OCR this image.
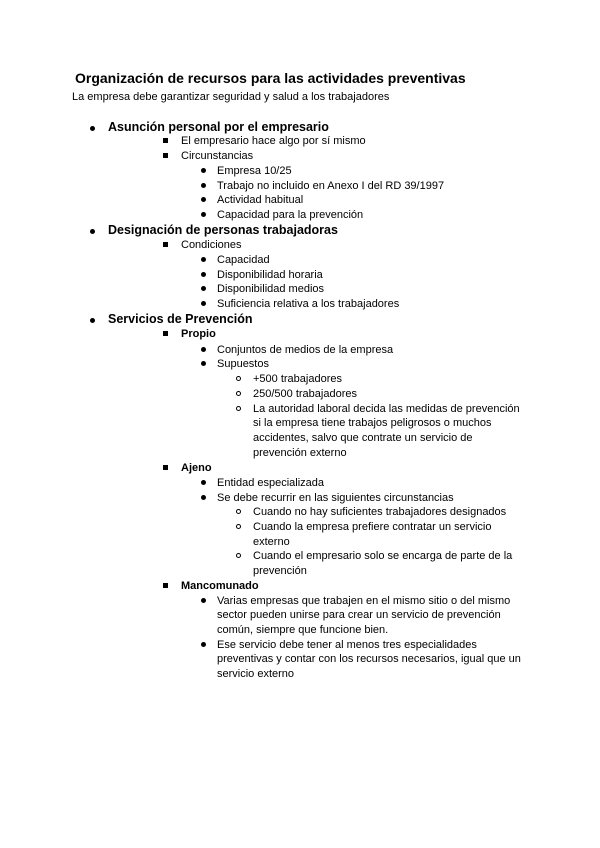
Organización de recursos para las actividades preventivas
La empresa debe garantizar seguridad y salud a los trabajadores
Asunción personal por el empresario
El empresario hace algo por sí mismo
Circunstancias
Empresa 10/25
Trabajo no incluido en Anexo I del RD 39/1997
Actividad habitual
Capacidad para la prevención
Designación de personas trabajadoras
Condiciones
Capacidad
Disponibilidad horaria
Disponibilidad medios
Suficiencia relativa a los trabajadores
Servicios de Prevención
Propio
Conjuntos de medios de la empresa
Supuestos
+500 trabajadores
250/500 trabajadores
La autoridad laboral decida las medidas de prevención
si la empresa tiene trabajos peligrosos o muchos
accidentes, salvo que contrate un servicio de
prevención externo
Ajeno
Entidad especializada
Se debe recurrir en las siguientes circunstancias
Cuando no hay suficientes trabajadores designados
Cuando la empresa prefiere contratar un servicio
externo
Cuando el empresario solo se encarga de parte de la
prevención
Mancomunado
Varias empresas que trabajen en el mismo sitio o del mismo
sector pueden unirse para crear un servicio de prevención
común, siempre que funcione bien.
Ese servicio debe tener al menos tres especialidades
preventivas y contar con los recursos necesarios, igual que un
servicio externo
